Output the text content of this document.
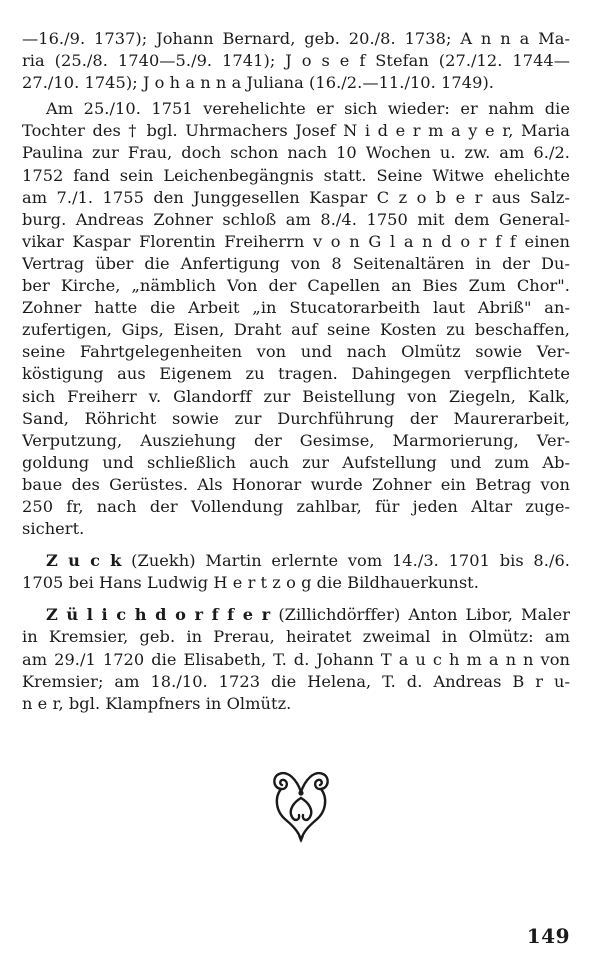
—16./9. 1737); Johann Bernard, geb. 20./8. 1738; A n n a Ma-
ria (25./8. 1740—5./9. 1741); J o s e f Stefan (27./12. 1744—
27./10. 1745); J o h a n n a Juliana (16./2.—11./10. 1749).
Am 25./10. 1751 verehelichte er sich wieder: er nahm die
Tochter des † bgl. Uhrmachers Josef N i d e r m a y e r, Maria
Paulina zur Frau, doch schon nach 10 Wochen u. zw. am 6./2.
1752 fand sein Leichenbegängnis statt. Seine Witwe ehelichte
am 7./1. 1755 den Junggesellen Kaspar C z o b e r aus Salz-
burg. Andreas Zohner schloß am 8./4. 1750 mit dem General-
vikar Kaspar Florentin Freiherrn v o n G l a n d o r f f einen
Vertrag über die Anfertigung von 8 Seitenaltären in der Du-
ber Kirche, „nämblich Von der Capellen an Bies Zum Chor".
Zohner hatte die Arbeit „in Stucatorarbeith laut Abriß" an-
zufertigen, Gips, Eisen, Draht auf seine Kosten zu beschaffen,
seine Fahrtgelegenheiten von und nach Olmütz sowie Ver-
köstigung aus Eigenem zu tragen. Dahingegen verpflichtete
sich Freiherr v. Glandorff zur Beistellung von Ziegeln, Kalk,
Sand, Röhricht sowie zur Durchführung der Maurerarbeit,
Verputzung, Ausziehung der Gesimse, Marmorierung, Ver-
goldung und schließlich auch zur Aufstellung und zum Ab-
baue des Gerüstes. Als Honorar wurde Zohner ein Betrag von
250 fr, nach der Vollendung zahlbar, für jeden Altar zuge-
sichert.
Z u c k (Zuekh) Martin erlernte vom 14./3. 1701 bis 8./6.
1705 bei Hans Ludwig H e r t z o g die Bildhauerkunst.
Z ü l i c h d o r f f e r (Zillichdörffer) Anton Libor, Maler
in Kremsier, geb. in Prerau, heiratet zweimal in Olmütz: am
am 29./1 1720 die Elisabeth, T. d. Johann T a u c h m a n n von
Kremsier; am 18./10. 1723 die Helena, T. d. Andreas B r u-
n e r, bgl. Klampfners in Olmütz.
149
